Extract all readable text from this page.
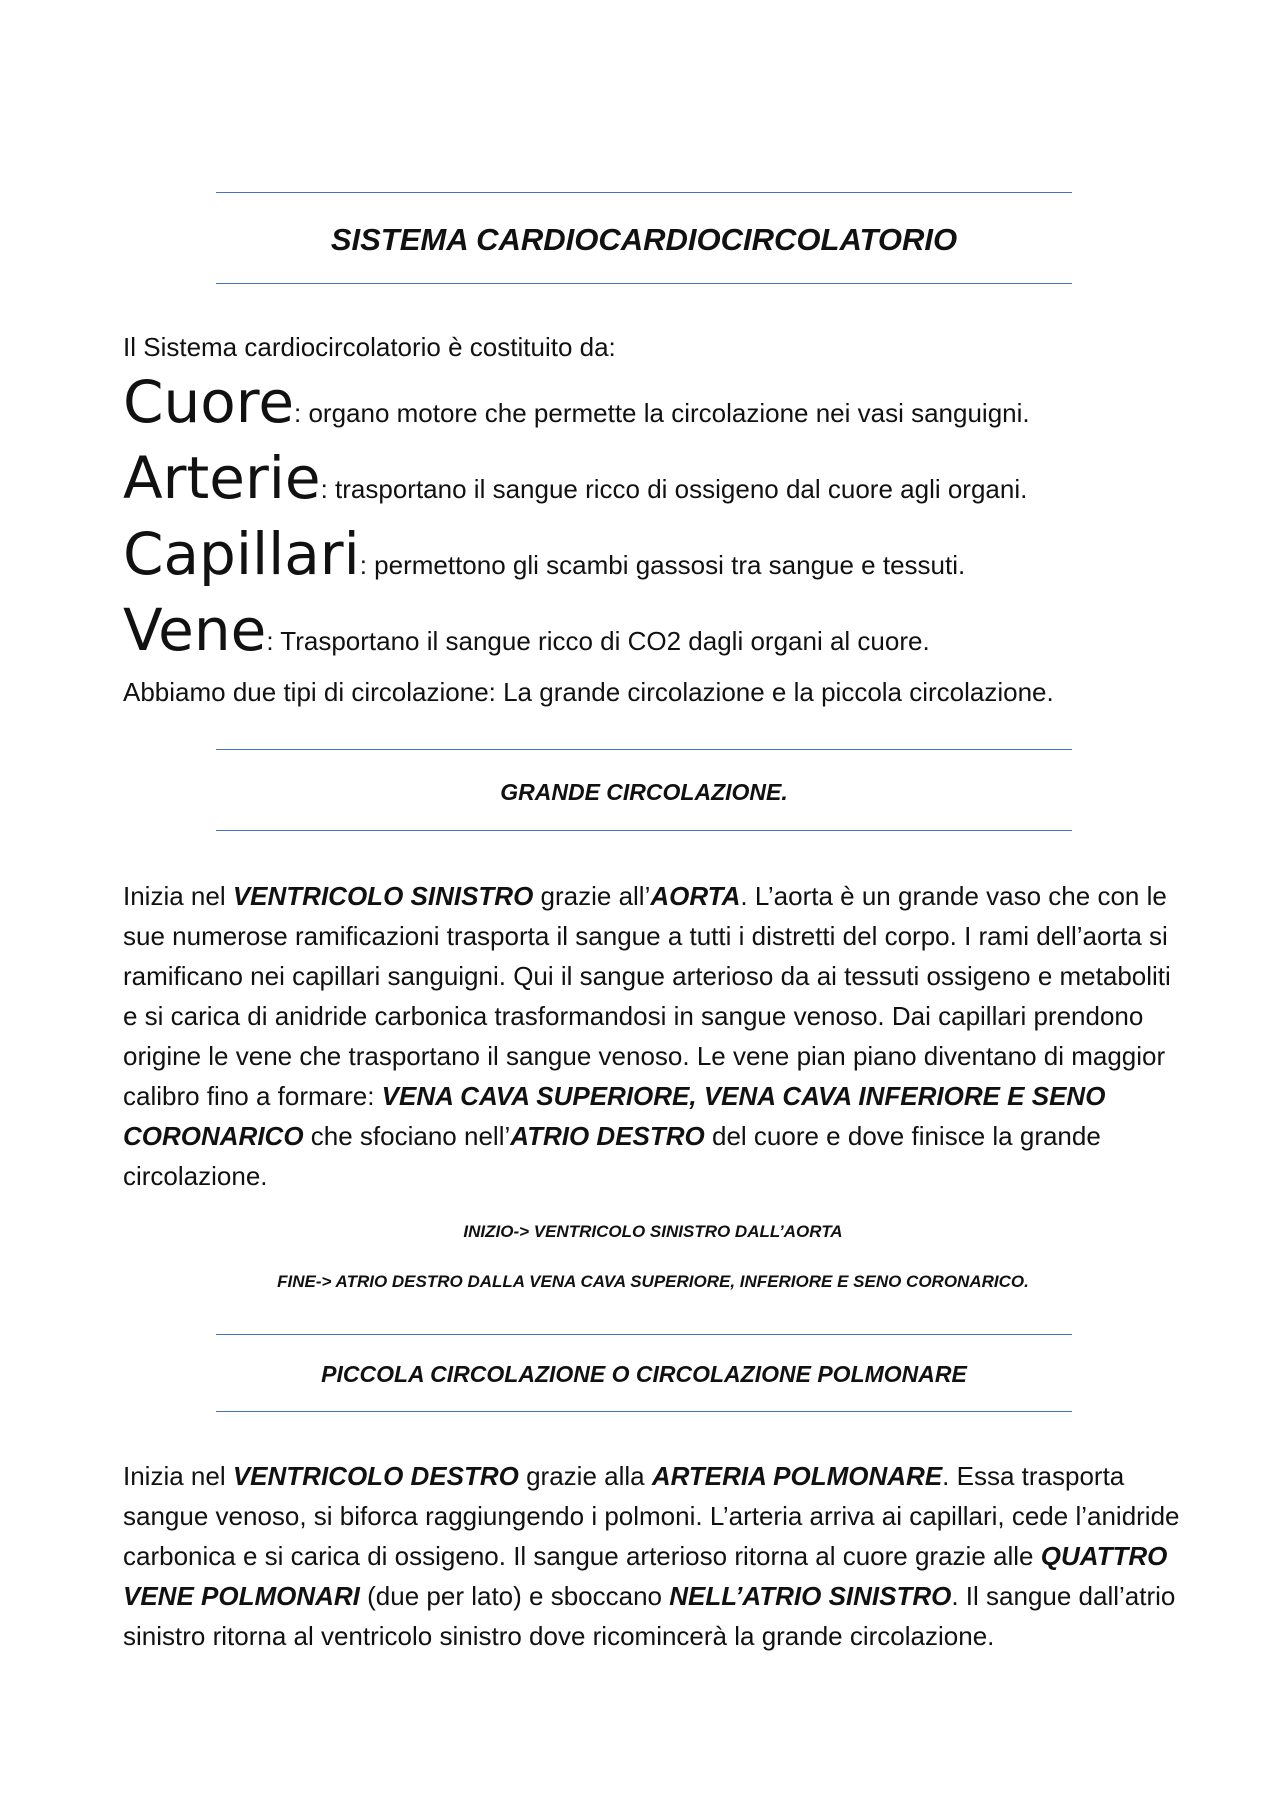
SISTEMA CARDIOCARDIOCIRCOLATORIO

Il Sistema cardiocircolatorio è costituito da:

Cuore: organo motore che permette la circolazione nei vasi sanguigni.

Arterie: trasportano il sangue ricco di ossigeno dal cuore agli organi.

Capillari: permettono gli scambi gassosi tra sangue e tessuti.

Vene: Trasportano il sangue ricco di CO2 dagli organi al cuore.

Abbiamo due tipi di circolazione: La grande circolazione e la piccola circolazione.

GRANDE CIRCOLAZIONE.

Inizia nel VENTRICOLO SINISTRO grazie all’AORTA. L’aorta è un grande vaso che con le sue numerose ramificazioni trasporta il sangue a tutti i distretti del corpo. I rami dell’aorta si ramificano nei capillari sanguigni. Qui il sangue arterioso da ai tessuti ossigeno e metaboliti e si carica di anidride carbonica trasformandosi in sangue venoso. Dai capillari prendono origine le vene che trasportano il sangue venoso. Le vene pian piano diventano di maggior calibro fino a formare: VENA CAVA SUPERIORE, VENA CAVA INFERIORE E SENO CORONARICO che sfociano nell’ATRIO DESTRO del cuore e dove finisce la grande circolazione.

INIZIO-> VENTRICOLO SINISTRO DALL’AORTA

FINE-> ATRIO DESTRO DALLA VENA CAVA SUPERIORE, INFERIORE E SENO CORONARICO.

PICCOLA CIRCOLAZIONE O CIRCOLAZIONE POLMONARE

Inizia nel VENTRICOLO DESTRO grazie alla ARTERIA POLMONARE. Essa trasporta sangue venoso, si biforca raggiungendo i polmoni. L’arteria arriva ai capillari, cede l’anidride carbonica e si carica di ossigeno. Il sangue arterioso ritorna al cuore grazie alle QUATTRO VENE POLMONARI (due per lato) e sboccano NELL’ATRIO SINISTRO. Il sangue dall’atrio sinistro ritorna al ventricolo sinistro dove ricomincerà la grande circolazione.
